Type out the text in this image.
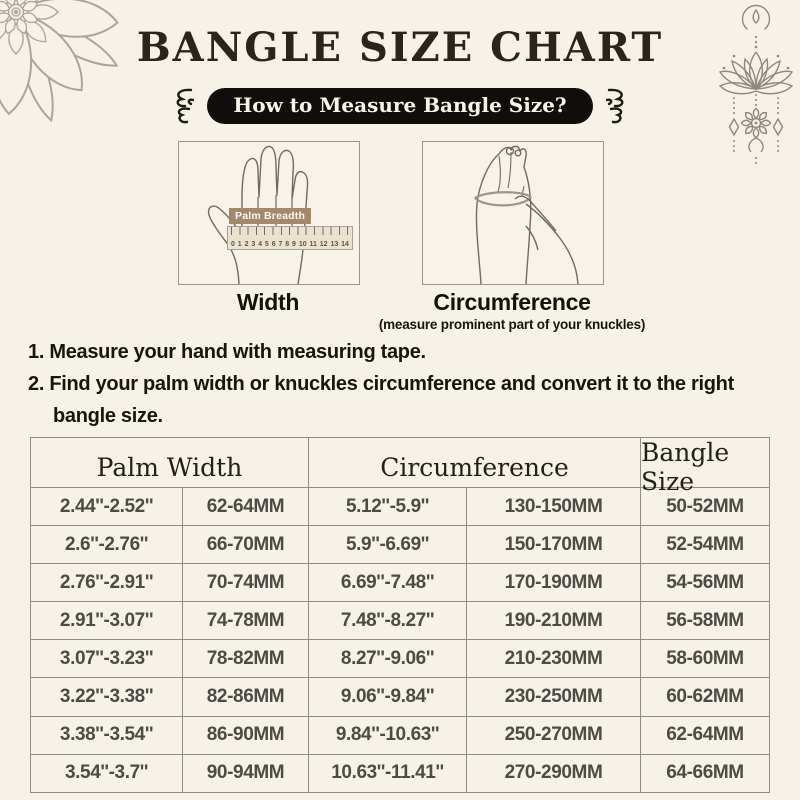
BANGLE SIZE CHART
How to Measure Bangle Size?
Palm Breadth
0 1 2 3 4 5 6 7 8 9 10 11 12 13 14
Width	Circumference
(measure prominent part of your knuckles)
1. Measure your hand with measuring tape.
2. Find your palm width or knuckles circumference and convert it to the right bangle size.
Palm Width	Circumference	Bangle Size
2.44''-2.52''	62-64MM	5.12''-5.9''	130-150MM	50-52MM
2.6''-2.76''	66-70MM	5.9''-6.69''	150-170MM	52-54MM
2.76''-2.91''	70-74MM	6.69''-7.48''	170-190MM	54-56MM
2.91''-3.07''	74-78MM	7.48''-8.27''	190-210MM	56-58MM
3.07''-3.23''	78-82MM	8.27''-9.06''	210-230MM	58-60MM
3.22''-3.38''	82-86MM	9.06''-9.84''	230-250MM	60-62MM
3.38''-3.54''	86-90MM	9.84''-10.63''	250-270MM	62-64MM
3.54''-3.7''	90-94MM	10.63''-11.41''	270-290MM	64-66MM
